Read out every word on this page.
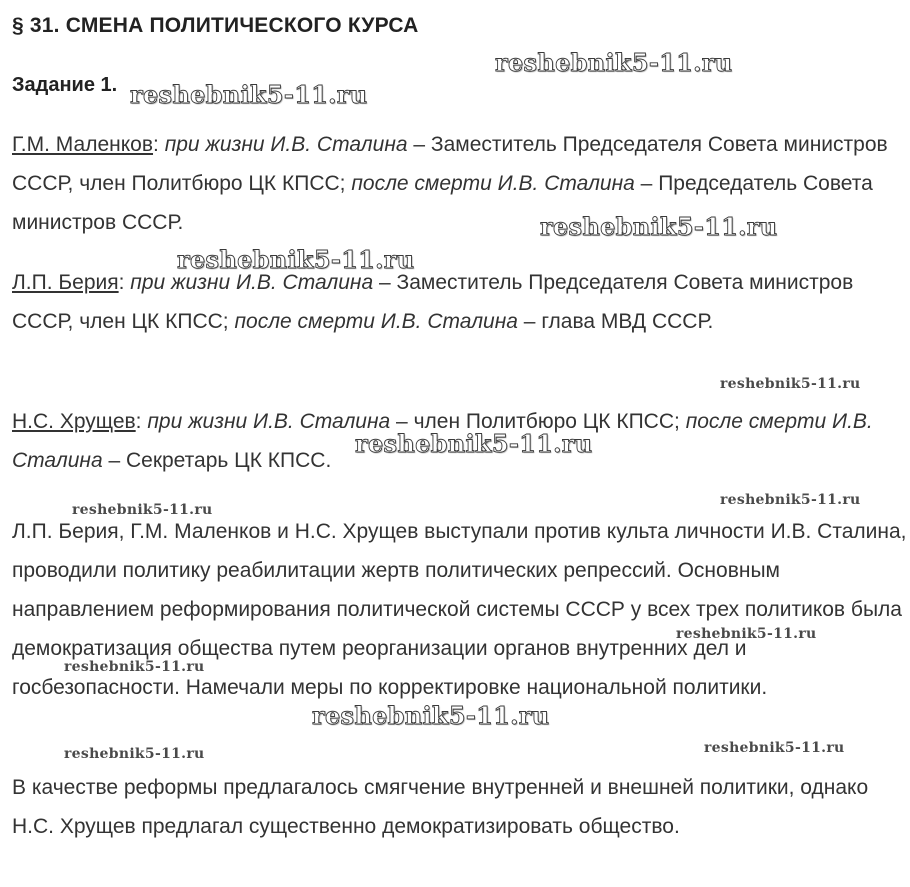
§ 31. СМЕНА ПОЛИТИЧЕСКОГО КУРСА
Задание 1.

Г.М. Маленков: при жизни И.В. Сталина – Заместитель Председателя Совета министров СССР, член Политбюро ЦК КПСС; после смерти И.В. Сталина – Председатель Совета министров СССР.

Л.П. Берия: при жизни И.В. Сталина – Заместитель Председателя Совета министров СССР, член ЦК КПСС; после смерти И.В. Сталина – глава МВД СССР.

Н.С. Хрущев: при жизни И.В. Сталина – член Политбюро ЦК КПСС; после смерти И.В. Сталина – Секретарь ЦК КПСС.

Л.П. Берия, Г.М. Маленков и Н.С. Хрущев выступали против культа личности И.В. Сталина, проводили политику реабилитации жертв политических репрессий. Основным направлением реформирования политической системы СССР у всех трех политиков была демократизация общества путем реорганизации органов внутренних дел и госбезопасности. Намечали меры по корректировке национальной политики.

В качестве реформы предлагалось смягчение внутренней и внешней политики, однако Н.С. Хрущев предлагал существенно демократизировать общество.

reshebnik5-11.ru
reshebnik5-11.ru
reshebnik5-11.ru
reshebnik5-11.ru
reshebnik5-11.ru
reshebnik5-11.ru
reshebnik5-11.ru
reshebnik5-11.ru
reshebnik5-11.ru
reshebnik5-11.ru
reshebnik5-11.ru
reshebnik5-11.ru	reshebnik5-11.ru
